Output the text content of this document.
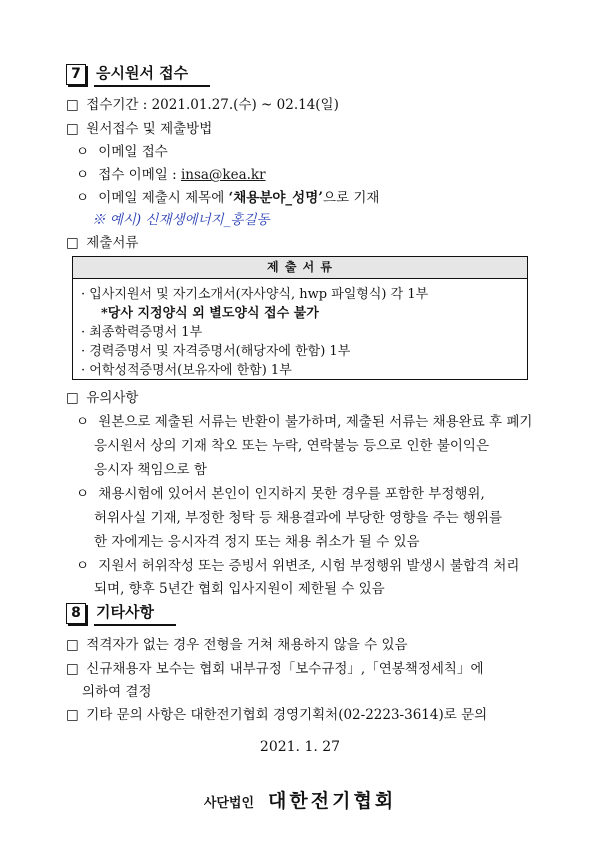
7	응시원서 접수
□ 접수기간 : 2021.01.27.(수) ~ 02.14(일)
□ 원서접수 및 제출방법
ㅇ 이메일 접수
ㅇ 접수 이메일 : insa@kea.kr
ㅇ 이메일 제출시 제목에 ‘채용분야_성명’으로 기재
※ 예시) 신재생에너지_홍길동
□ 제출서류
제 출 서 류
· 입사지원서 및 자기소개서(자사양식, hwp 파일형식) 각 1부
*당사 지정양식 외 별도양식 접수 불가
· 최종학력증명서 1부
· 경력증명서 및 자격증명서(해당자에 한함) 1부
· 어학성적증명서(보유자에 한함) 1부
□ 유의사항
ㅇ 원본으로 제출된 서류는 반환이 불가하며, 제출된 서류는 채용완료 후 폐기
응시원서 상의 기재 착오 또는 누락, 연락불능 등으로 인한 불이익은
응시자 책임으로 함
ㅇ 채용시험에 있어서 본인이 인지하지 못한 경우를 포함한 부정행위,
허위사실 기재, 부정한 청탁 등 채용결과에 부당한 영향을 주는 행위를
한 자에게는 응시자격 정지 또는 채용 취소가 될 수 있음
ㅇ 지원서 허위작성 또는 증빙서 위변조, 시험 부정행위 발생시 불합격 처리
되며, 향후 5년간 협회 입사지원이 제한될 수 있음
8	기타사항
□ 적격자가 없는 경우 전형을 거쳐 채용하지 않을 수 있음
□ 신규채용자 보수는 협회 내부규정「보수규정」,「연봉책정세칙」에
의하여 결정
□ 기타 문의 사항은 대한전기협회 경영기획처(02-2223-3614)로 문의
2021. 1. 27
사단법인 대한전기협회
